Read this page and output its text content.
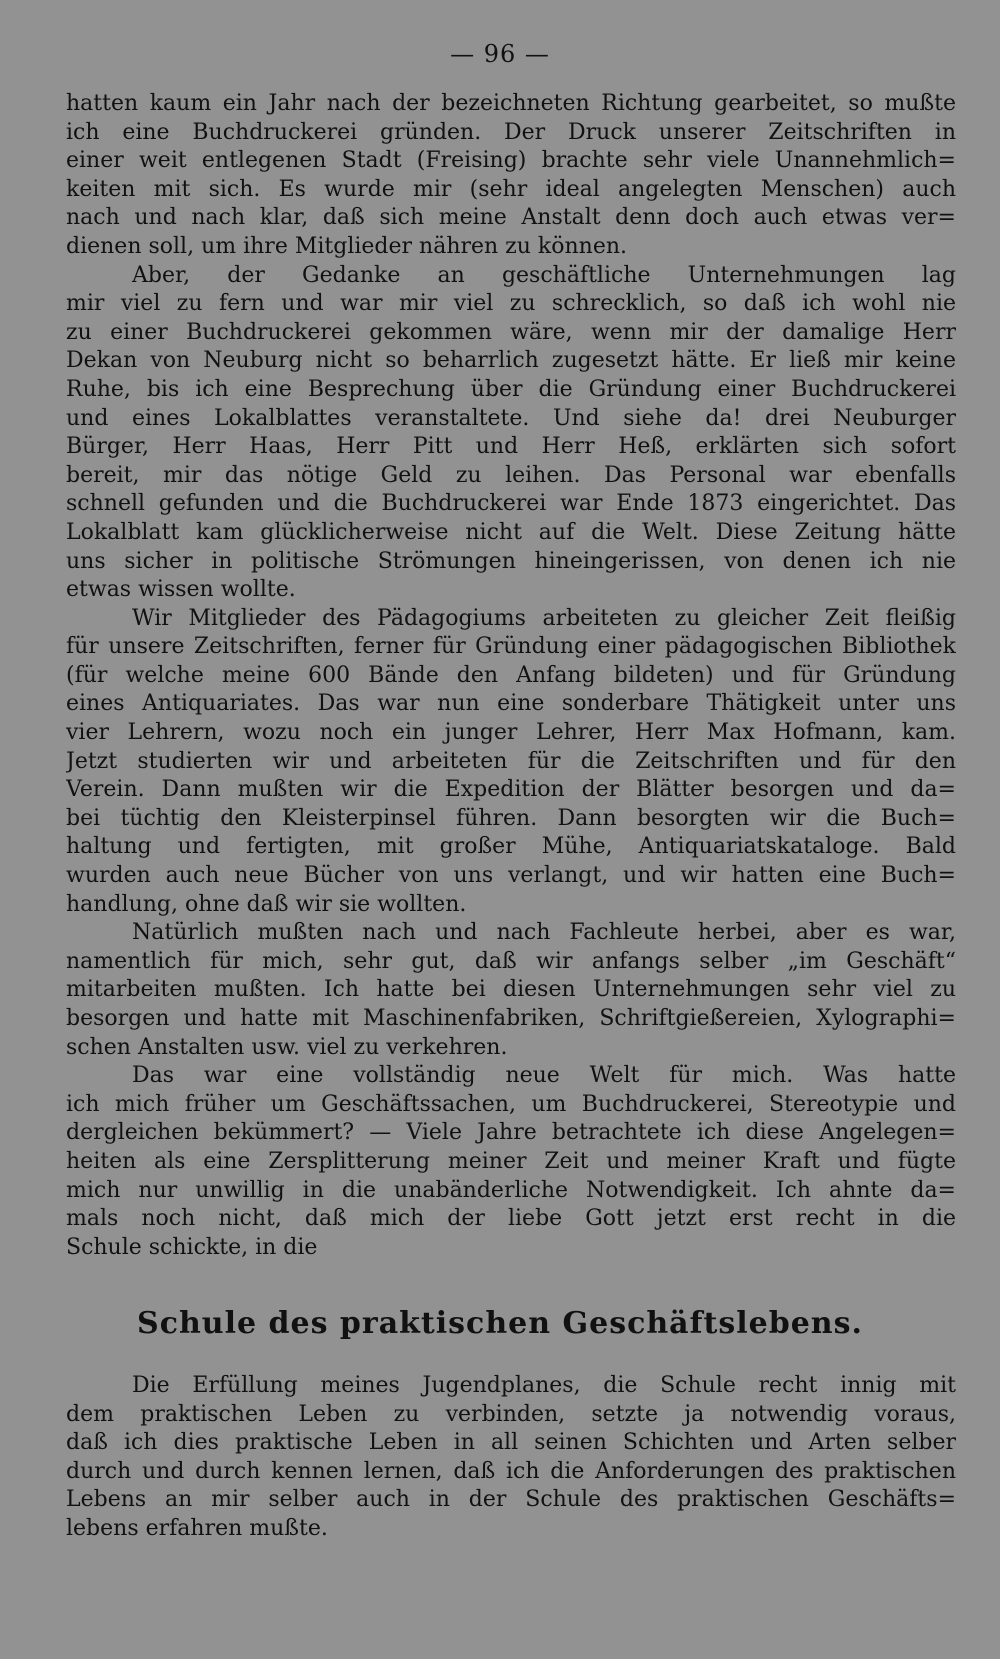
— 96 —
hatten kaum ein Jahr nach der bezeichneten Richtung gearbeitet, so mußte
ich eine Buchdruckerei gründen. Der Druck unserer Zeitschriften in
einer weit entlegenen Stadt (Freising) brachte sehr viele Unannehmlich=
keiten mit sich. Es wurde mir (sehr ideal angelegten Menschen) auch
nach und nach klar, daß sich meine Anstalt denn doch auch etwas ver=
dienen soll, um ihre Mitglieder nähren zu können.
Aber, der Gedanke an geschäftliche Unternehmungen lag
mir viel zu fern und war mir viel zu schrecklich, so daß ich wohl nie
zu einer Buchdruckerei gekommen wäre, wenn mir der damalige Herr
Dekan von Neuburg nicht so beharrlich zugesetzt hätte. Er ließ mir keine
Ruhe, bis ich eine Besprechung über die Gründung einer Buchdruckerei
und eines Lokalblattes veranstaltete. Und siehe da! drei Neuburger
Bürger, Herr Haas, Herr Pitt und Herr Heß, erklärten sich sofort
bereit, mir das nötige Geld zu leihen. Das Personal war ebenfalls
schnell gefunden und die Buchdruckerei war Ende 1873 eingerichtet. Das
Lokalblatt kam glücklicherweise nicht auf die Welt. Diese Zeitung hätte
uns sicher in politische Strömungen hineingerissen, von denen ich nie
etwas wissen wollte.
Wir Mitglieder des Pädagogiums arbeiteten zu gleicher Zeit fleißig
für unsere Zeitschriften, ferner für Gründung einer pädagogischen Bibliothek
(für welche meine 600 Bände den Anfang bildeten) und für Gründung
eines Antiquariates. Das war nun eine sonderbare Thätigkeit unter uns
vier Lehrern, wozu noch ein junger Lehrer, Herr Max Hofmann, kam.
Jetzt studierten wir und arbeiteten für die Zeitschriften und für den
Verein. Dann mußten wir die Expedition der Blätter besorgen und da=
bei tüchtig den Kleisterpinsel führen. Dann besorgten wir die Buch=
haltung und fertigten, mit großer Mühe, Antiquariatskataloge. Bald
wurden auch neue Bücher von uns verlangt, und wir hatten eine Buch=
handlung, ohne daß wir sie wollten.
Natürlich mußten nach und nach Fachleute herbei, aber es war,
namentlich für mich, sehr gut, daß wir anfangs selber „im Geschäft“
mitarbeiten mußten. Ich hatte bei diesen Unternehmungen sehr viel zu
besorgen und hatte mit Maschinenfabriken, Schriftgießereien, Xylographi=
schen Anstalten usw. viel zu verkehren.
Das war eine vollständig neue Welt für mich. Was hatte
ich mich früher um Geschäftssachen, um Buchdruckerei, Stereotypie und
dergleichen bekümmert? — Viele Jahre betrachtete ich diese Angelegen=
heiten als eine Zersplitterung meiner Zeit und meiner Kraft und fügte
mich nur unwillig in die unabänderliche Notwendigkeit. Ich ahnte da=
mals noch nicht, daß mich der liebe Gott jetzt erst recht in die
Schule schickte, in die
Schule des praktischen Geschäftslebens.
Die Erfüllung meines Jugendplanes, die Schule recht innig mit
dem praktischen Leben zu verbinden, setzte ja notwendig voraus,
daß ich dies praktische Leben in all seinen Schichten und Arten selber
durch und durch kennen lernen, daß ich die Anforderungen des praktischen
Lebens an mir selber auch in der Schule des praktischen Geschäfts=
lebens erfahren mußte.
